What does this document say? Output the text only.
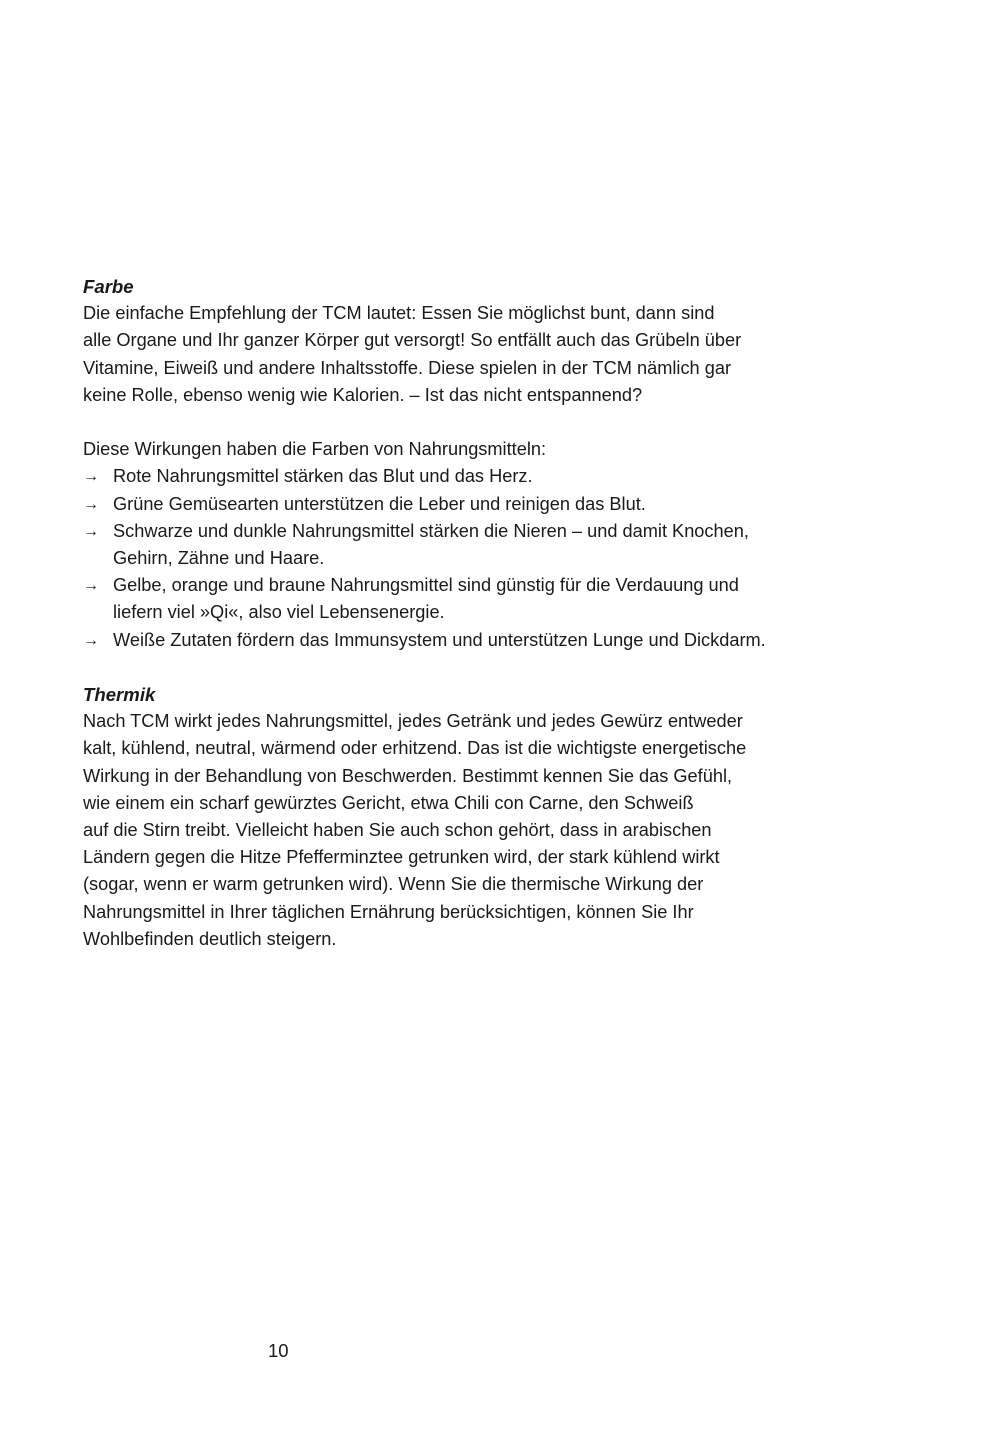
Farbe

Die einfache Empfehlung der TCM lautet: Essen Sie möglichst bunt, dann sind
alle Organe und Ihr ganzer Körper gut versorgt! So entfällt auch das Grübeln über
Vitamine, Eiweiß und andere Inhaltsstoffe. Diese spielen in der TCM nämlich gar
keine Rolle, ebenso wenig wie Kalorien. – Ist das nicht entspannend?

Diese Wirkungen haben die Farben von Nahrungsmitteln:

→ Rote Nahrungsmittel stärken das Blut und das Herz.
→ Grüne Gemüsearten unterstützen die Leber und reinigen das Blut.
→ Schwarze und dunkle Nahrungsmittel stärken die Nieren – und damit Knochen,
Gehirn, Zähne und Haare.
→ Gelbe, orange und braune Nahrungsmittel sind günstig für die Verdauung und
liefern viel »Qi«, also viel Lebensenergie.
→ Weiße Zutaten fördern das Immunsystem und unterstützen Lunge und Dickdarm.
Thermik

Nach TCM wirkt jedes Nahrungsmittel, jedes Getränk und jedes Gewürz entweder
kalt, kühlend, neutral, wärmend oder erhitzend. Das ist die wichtigste energetische
Wirkung in der Behandlung von Beschwerden. Bestimmt kennen Sie das Gefühl,
wie einem ein scharf gewürztes Gericht, etwa Chili con Carne, den Schweiß
auf die Stirn treibt. Vielleicht haben Sie auch schon gehört, dass in arabischen
Ländern gegen die Hitze Pfefferminztee getrunken wird, der stark kühlend wirkt
(sogar, wenn er warm getrunken wird). Wenn Sie die thermische Wirkung der
Nahrungsmittel in Ihrer täglichen Ernährung berücksichtigen, können Sie Ihr
Wohlbefinden deutlich steigern.

10
